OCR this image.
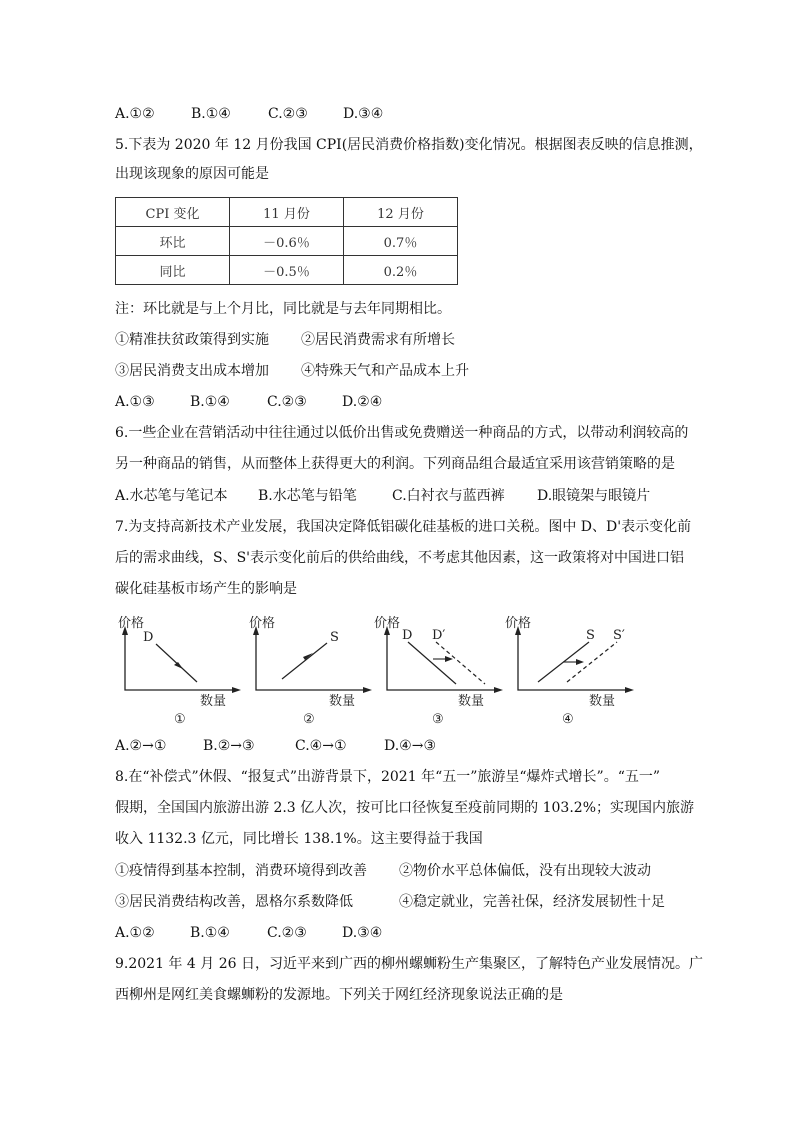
A.①②	B.①④	C.②③	D.③④
5.下表为 2020 年 12 月份我国 CPI(居民消费价格指数)变化情况。根据图表反映的信息推测，
出现该现象的原因可能是
CPI 变化	11 月份	12 月份
环比	－0.6％	0.7％
同比	－0.5％	0.2％
注：环比就是与上个月比，同比就是与去年同期相比。
①精准扶贫政策得到实施 ②居民消费需求有所增长
③居民消费支出成本增加 ④特殊天气和产品成本上升
A.①③	B.①④	C.②③	D.②④
6.一些企业在营销活动中往往通过以低价出售或免费赠送一种商品的方式，以带动利润较高的
另一种商品的销售，从而整体上获得更大的利润。下列商品组合最适宜采用该营销策略的是
A.水芯笔与笔记本 B.水芯笔与铅笔	C.白衬衣与蓝西裤 D.眼镜架与眼镜片
7.为支持高新技术产业发展，我国决定降低铝碳化硅基板的进口关税。图中 D、D'表示变化前
后的需求曲线，S、S'表示变化前后的供给曲线，不考虑其他因素，这一政策将对中国进口铝
碳化硅基板市场产生的影响是
价格
数量
D
①
价格
数量
S
②
价格
数量
D D′
③
价格
数量
S S′
④
A.②→①	B.②→③	C.④→①	D.④→③
8.在“补偿式”休假、“报复式”出游背景下，2021 年“五一”旅游呈“爆炸式增长”。“五一”
假期，全国国内旅游出游 2.3 亿人次，按可比口径恢复至疫前同期的 103.2%；实现国内旅游
收入 1132.3 亿元，同比增长 138.1%。这主要得益于我国
①疫情得到基本控制，消费环境得到改善 ②物价水平总体偏低，没有出现较大波动
③居民消费结构改善，恩格尔系数降低	④稳定就业，完善社保，经济发展韧性十足
A.①②	B.①④	C.②③	D.③④
9.2021 年 4 月 26 日，习近平来到广西的柳州螺蛳粉生产集聚区，了解特色产业发展情况。广
西柳州是网红美食螺蛳粉的发源地。下列关于网红经济现象说法正确的是
